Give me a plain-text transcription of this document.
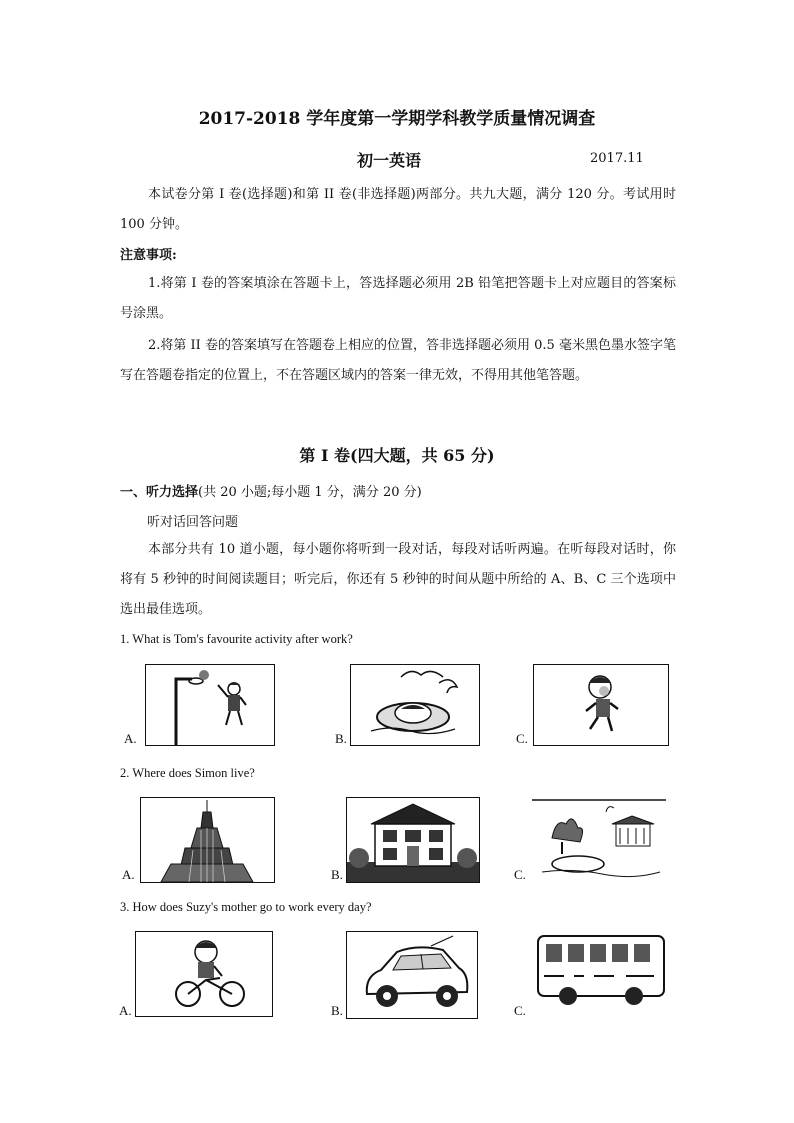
2017-2018 学年度第一学期学科教学质量情况调查
初一英语	2017.11
本试卷分第 I 卷(选择题)和第 II 卷(非选择题)两部分。共九大题，满分 120 分。考试用时 100 分钟。
注意事项:
1.将第 I 卷的答案填涂在答题卡上，答选择题必须用 2B 铅笔把答题卡上对应题目的答案标号涂黑。
2.将第 II 卷的答案填写在答题卷上相应的位置，答非选择题必须用 0.5 毫米黑色墨水签字笔写在答题卷指定的位置上，不在答题区域内的答案一律无效，不得用其他笔答题。
第 I 卷(四大题，共 65 分)
一、听力选择(共 20 小题;每小题 1 分，满分 20 分)
听对话回答问题
本部分共有 10 道小题，每小题你将听到一段对话，每段对话听两遍。在听每段对话时，你将有 5 秒钟的时间阅读题目；听完后，你还有 5 秒钟的时间从题中所给的 A、B、C 三个选项中选出最佳选项。
1. What is Tom's favourite activity after work?
A.	B.	C.
2. Where does Simon live?
A.	B.	C.
3. How does Suzy's mother go to work every day?
A.	B.	C.
